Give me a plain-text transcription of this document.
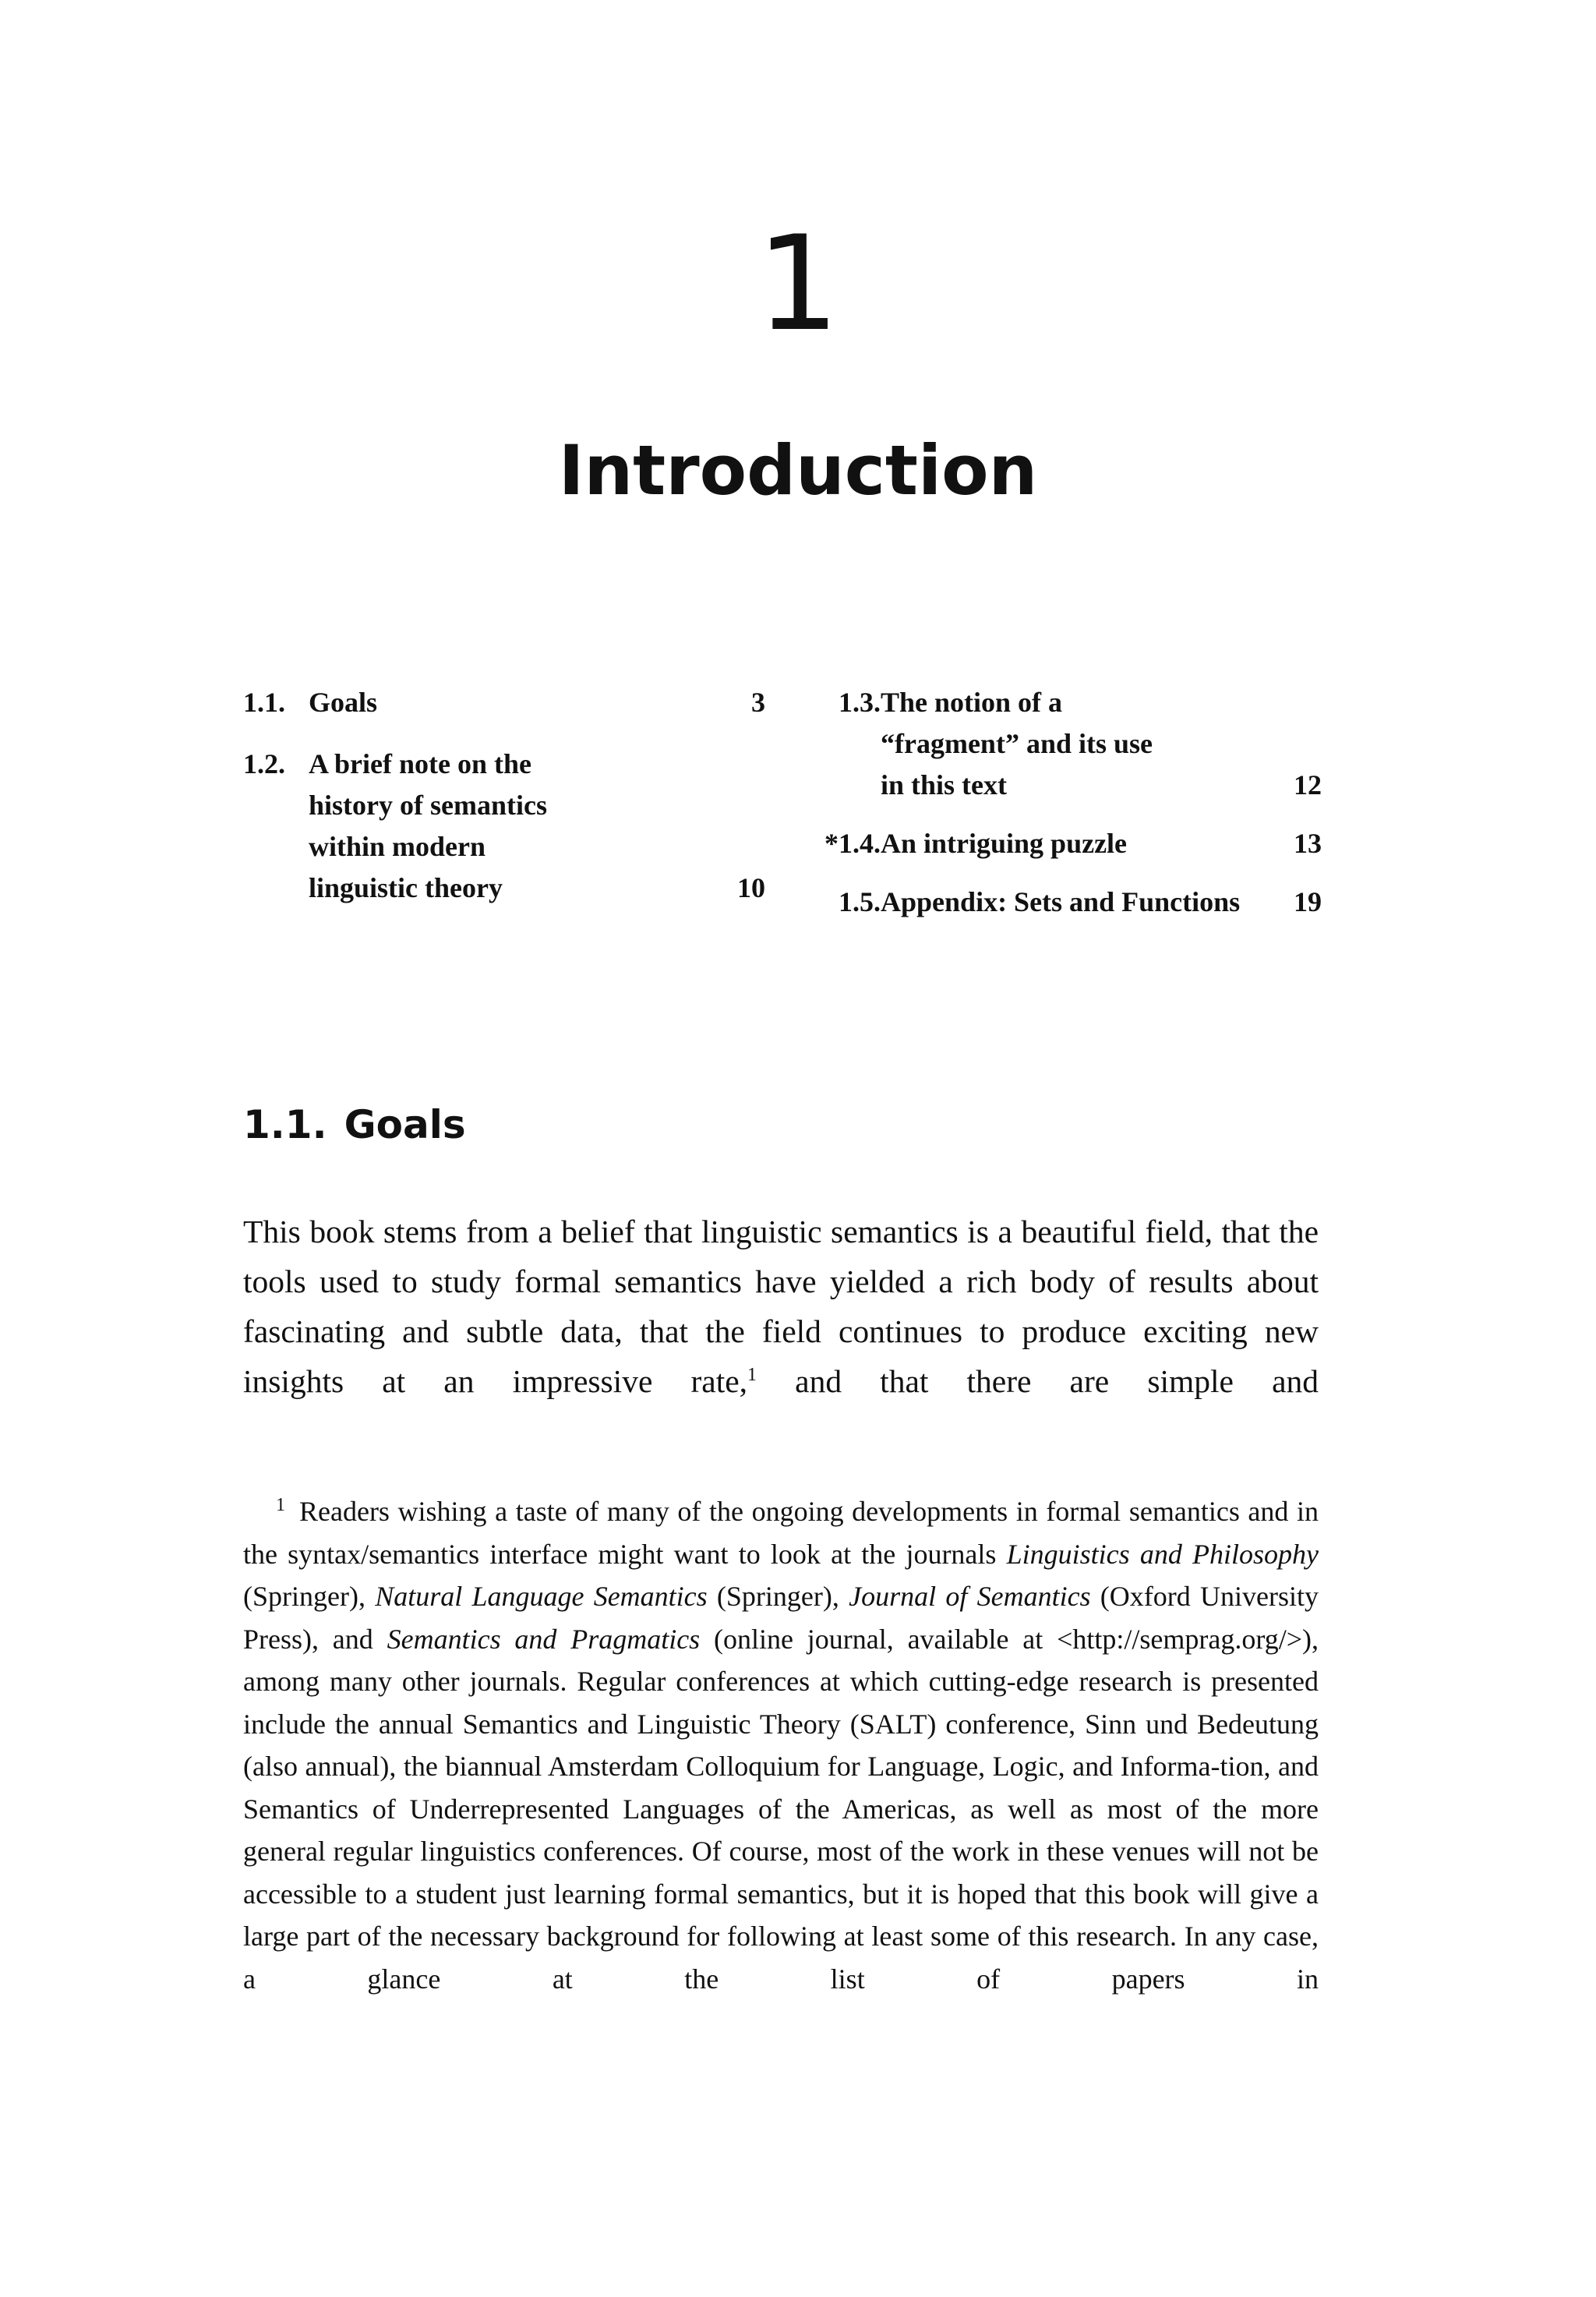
1
Introduction
1.1. Goals	3
1.2. A brief note on the history of semantics within modern linguistic theory	10
1.3. The notion of a “fragment” and its use in this text	12
*1.4. An intriguing puzzle	13
1.5. Appendix: Sets and Functions	19
1.1. Goals

This book stems from a belief that linguistic semantics is a beautiful field, that the tools used to study formal semantics have yielded a rich body of results about fascinating and subtle data, that the field continues to produce exciting new insights at an impressive rate,$^1$ and that there are simple and

$^1$ Readers wishing a taste of many of the ongoing developments in formal semantics and in the syntax/semantics interface might want to look at the journals Linguistics and Philosophy (Springer), Natural Language Semantics (Springer), Journal of Semantics (Oxford University Press), and Semantics and Pragmatics (online journal, available at <http://semprag.org/>), among many other journals. Regular conferences at which cutting-edge research is presented include the annual Semantics and Linguistic Theory (SALT) conference, Sinn und Bedeutung (also annual), the biannual Amsterdam Colloquium for Language, Logic, and Informa-tion, and Semantics of Underrepresented Languages of the Americas, as well as most of the more general regular linguistics conferences. Of course, most of the work in these venues will not be accessible to a student just learning formal semantics, but it is hoped that this book will give a large part of the necessary background for following at least some of this research. In any case, a glance at the list of papers in
